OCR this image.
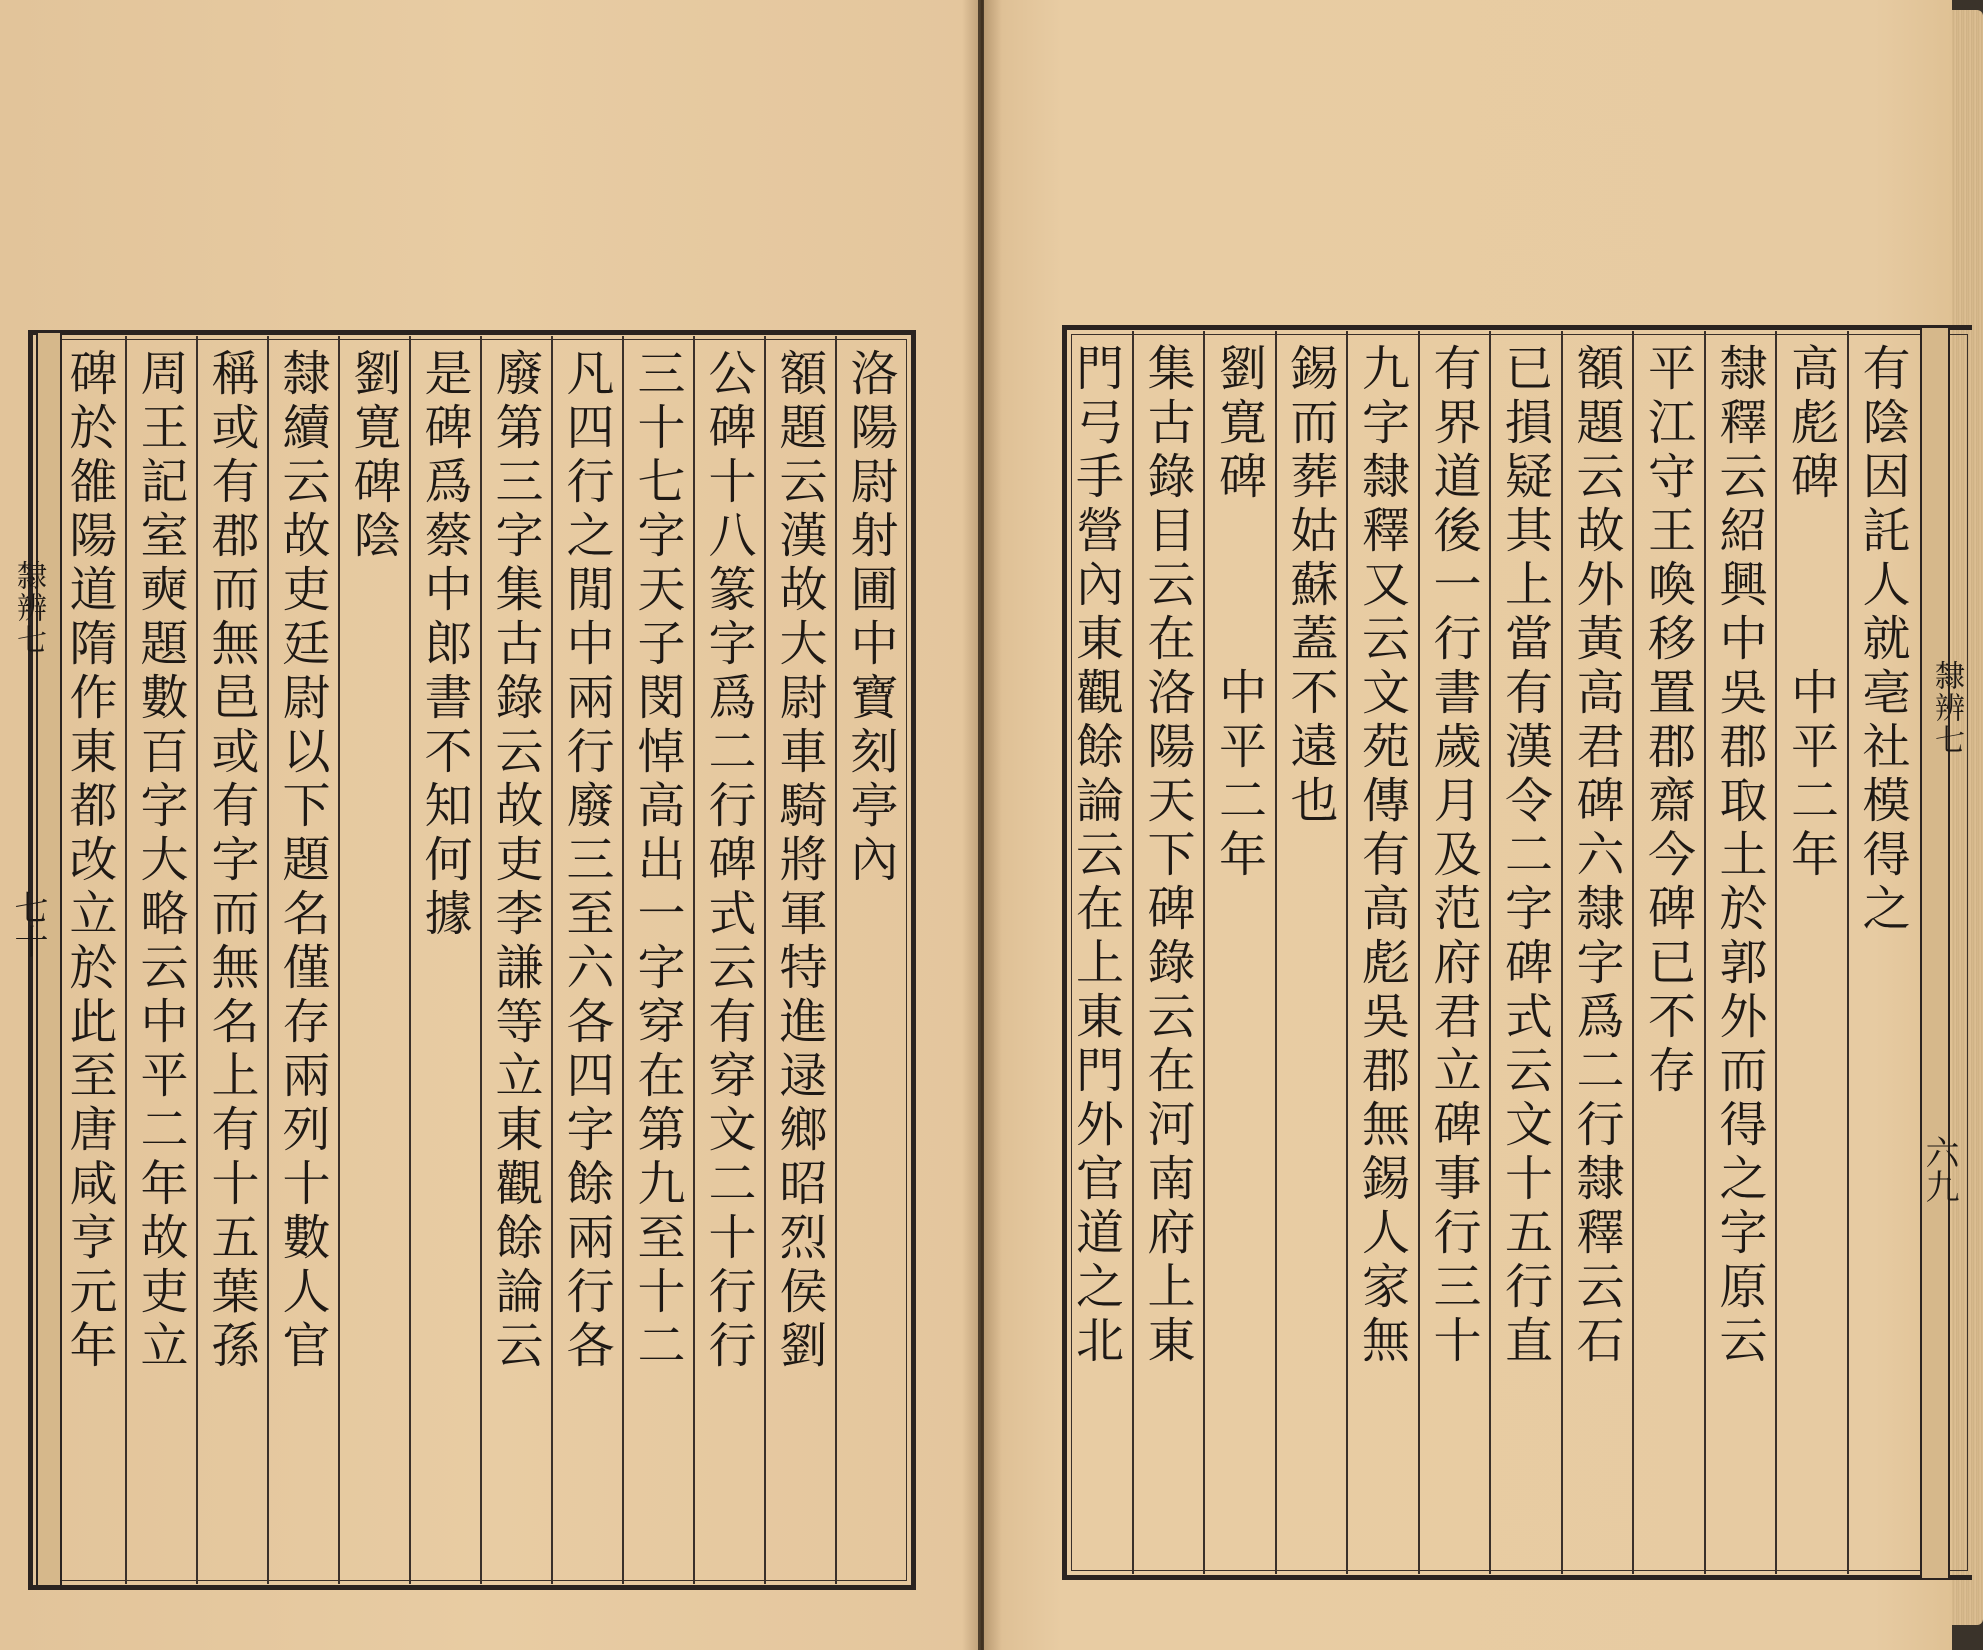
隸辨七
七十
隸辨七
六九
洛陽尉射圃中寶刻亭內
額題云漢故大尉車騎將軍特進逯鄉昭烈侯劉
公碑十八篆字爲二行碑式云有穿文二十行行
三十七字天子閔悼高出一字穿在第九至十二
凡四行之閒中兩行廢三至六各四字餘兩行各
廢第三字集古錄云故吏李謙等立東觀餘論云
是碑爲蔡中郎書不知何據
劉寛碑陰
隸續云故吏廷尉以下題名僅存兩列十數人官
稱或有郡而無邑或有字而無名上有十五葉孫
周王記室奭題數百字大略云中平二年故吏立
碑於雒陽道隋作東都改立於此至唐咸亨元年	有陰因託人就亳社模得之
高彪碑　　　中平二年
隸釋云紹興中吳郡取土於郭外而得之字原云
平江守王喚移置郡齋今碑已不存
額題云故外黃高君碑六隸字爲二行隸釋云石
已損疑其上當有漢令二字碑式云文十五行直
有界道後一行書歲月及范府君立碑事行三十
九字隸釋又云文苑傳有高彪吳郡無錫人家無
錫而葬姑蘇蓋不遠也
劉寛碑　　　中平二年
集古錄目云在洛陽天下碑錄云在河南府上東
門弓手營內東觀餘論云在上東門外官道之北
